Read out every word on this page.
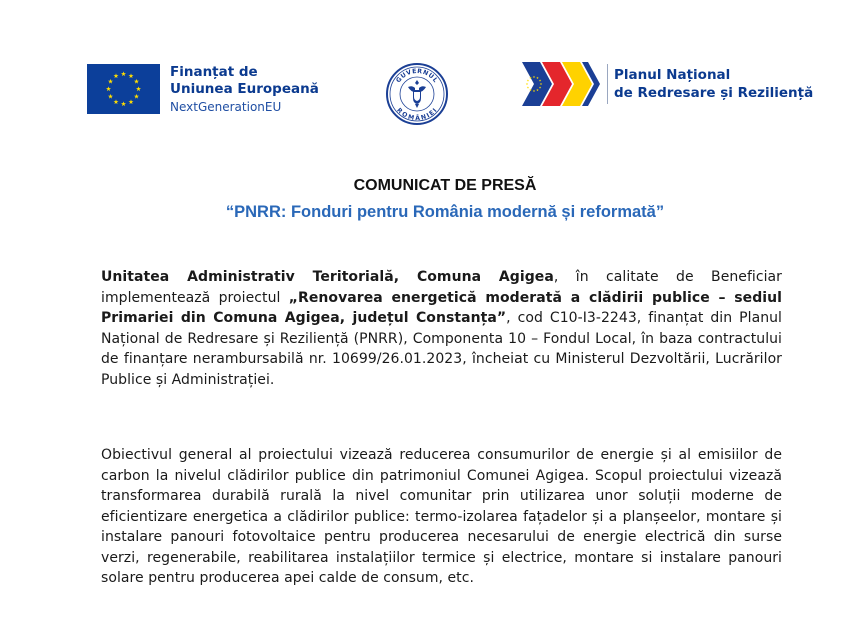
Finanțat de
Uniunea Europeană
NextGenerationEU
GUVERNUL
ROMÂNIEI
Planul Național
de Redresare și Reziliență
COMUNICAT DE PRESĂ
“PNRR: Fonduri pentru România modernă și reformată”
Unitatea Administrativ Teritorială, Comuna Agigea, în calitate de Beneficiar implementează proiectul „Renovarea energetică moderată a clădirii publice – sediul Primariei din Comuna Agigea, județul Constanța”, cod C10-I3-2243, finanțat din Planul Național de Redresare și Reziliență (PNRR), Componenta 10 – Fondul Local, în baza contractului de finanțare nerambursabilă nr. 10699/26.01.2023, încheiat cu Ministerul Dezvoltării, Lucrărilor Publice și Administrației.
Obiectivul general al proiectului vizează reducerea consumurilor de energie și al emisiilor de carbon la nivelul clădirilor publice din patrimoniul Comunei Agigea. Scopul proiectului vizează transformarea durabilă rurală la nivel comunitar prin utilizarea unor soluții moderne de eficientizare energetica a clădirilor publice: termo-izolarea fațadelor și a planșeelor, montare și instalare panouri fotovoltaice pentru producerea necesarului de energie electrică din surse verzi, regenerabile, reabilitarea instalațiilor termice și electrice, montare si instalare panouri solare pentru producerea apei calde de consum, etc.
